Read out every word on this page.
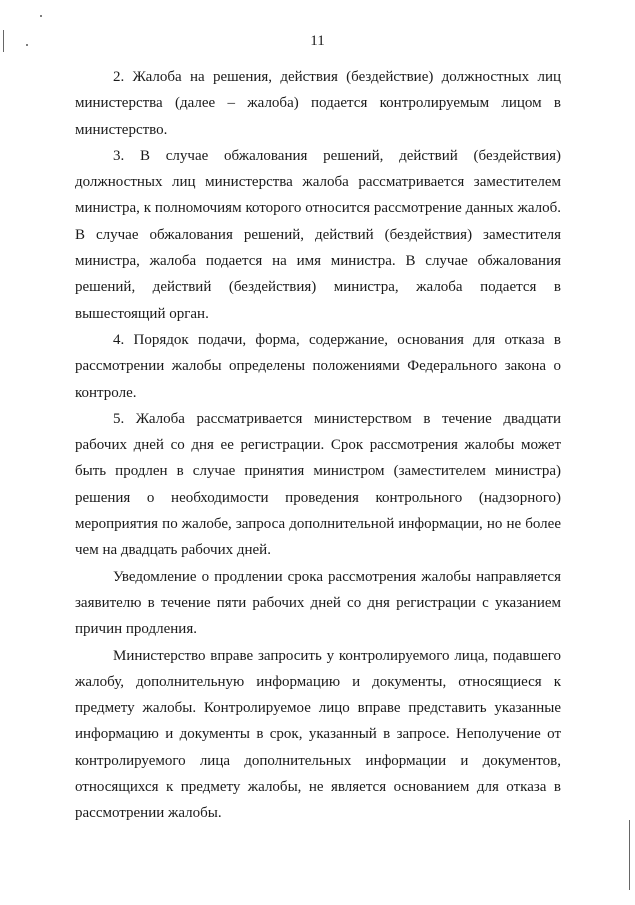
11

2. Жалоба на решения, действия (бездействие) должностных лиц министерства (далее – жалоба) подается контролируемым лицом в министерство.

3. В случае обжалования решений, действий (бездействия) должностных лиц министерства жалоба рассматривается заместителем министра, к полномочиям которого относится рассмотрение данных жалоб. В случае обжалования решений, действий (бездействия) заместителя министра, жалоба подается на имя министра. В случае обжалования решений, действий (бездействия) министра, жалоба подается в вышестоящий орган.

4. Порядок подачи, форма, содержание, основания для отказа в рассмотрении жалобы определены положениями Федерального закона о контроле.

5. Жалоба рассматривается министерством в течение двадцати рабочих дней со дня ее регистрации. Срок рассмотрения жалобы может быть продлен в случае принятия министром (заместителем министра) решения о необходимости проведения контрольного (надзорного) мероприятия по жалобе, запроса дополнительной информации, но не более чем на двадцать рабочих дней.

Уведомление о продлении срока рассмотрения жалобы направляется заявителю в течение пяти рабочих дней со дня регистрации с указанием причин продления.

Министерство вправе запросить у контролируемого лица, подавшего жалобу, дополнительную информацию и документы, относящиеся к предмету жалобы. Контролируемое лицо вправе представить указанные информацию и документы в срок, указанный в запросе. Неполучение от контролируемого лица дополнительных информации и документов, относящихся к предмету жалобы, не является основанием для отказа в рассмотрении жалобы.
